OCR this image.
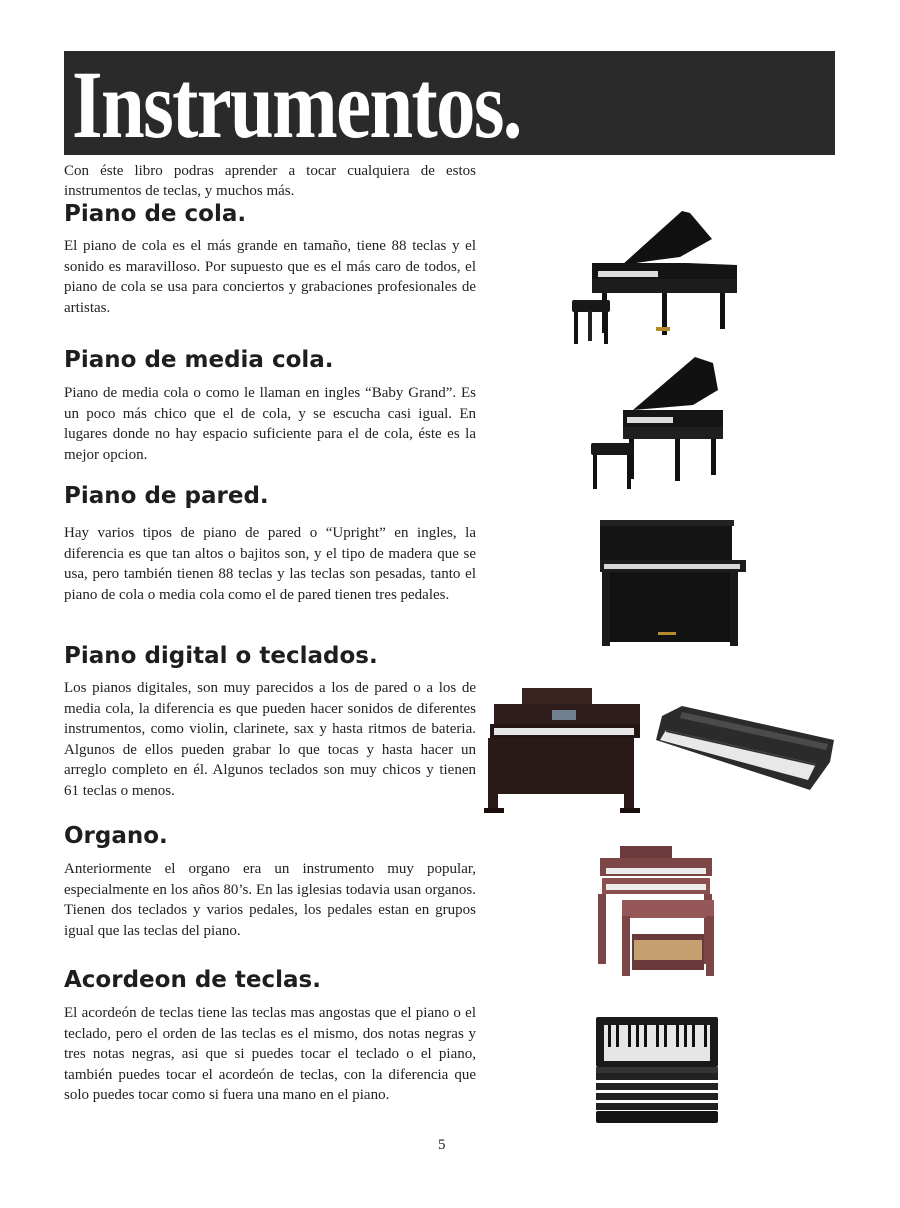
Instrumentos.

Con éste libro podras aprender a tocar cualquiera de estos instrumentos de teclas, y muchos más.

Piano de cola.

El piano de cola es el más grande en tamaño, tiene 88 teclas y el sonido es maravilloso. Por supuesto que es el más caro de todos, el piano de cola se usa para conciertos y grabaciones profesionales de artistas.

Piano de media cola.

Piano de media cola o como le llaman en ingles “Baby Grand”. Es un poco más chico que el de cola, y se escucha casi igual. En lugares donde no hay espacio suficiente para el de cola, éste es la mejor opcion.

Piano de pared.

Hay varios tipos de piano de pared o “Upright” en ingles, la diferencia es que tan altos o bajitos son, y el tipo de madera que se usa, pero también tienen 88 teclas y las teclas son pesadas, tanto el piano de cola o media cola como el de pared tienen tres pedales.

Piano digital o teclados.

Los pianos digitales, son muy parecidos a los de pared o a los de media cola, la diferencia es que pueden hacer sonidos de diferentes instrumentos, como violin, clarinete, sax y hasta ritmos de bateria. Algunos de ellos pueden grabar lo que tocas y hasta hacer un arreglo completo en él. Algunos teclados son muy chicos y tienen 61 teclas o menos.

Organo.

Anteriormente el organo era un instrumento muy popular, especialmente en los años 80’s. En las iglesias todavia usan organos. Tienen dos teclados y varios pedales, los pedales estan en grupos igual que las teclas del piano.

Acordeon de teclas.

El acordeón de teclas tiene las teclas mas angostas que el piano o el teclado, pero el orden de las teclas es el mismo, dos notas negras y tres notas negras, asi que si puedes tocar el teclado o el piano, también puedes tocar el acordeón de teclas, con la diferencia que solo puedes tocar como si fuera una mano en el piano.

5
